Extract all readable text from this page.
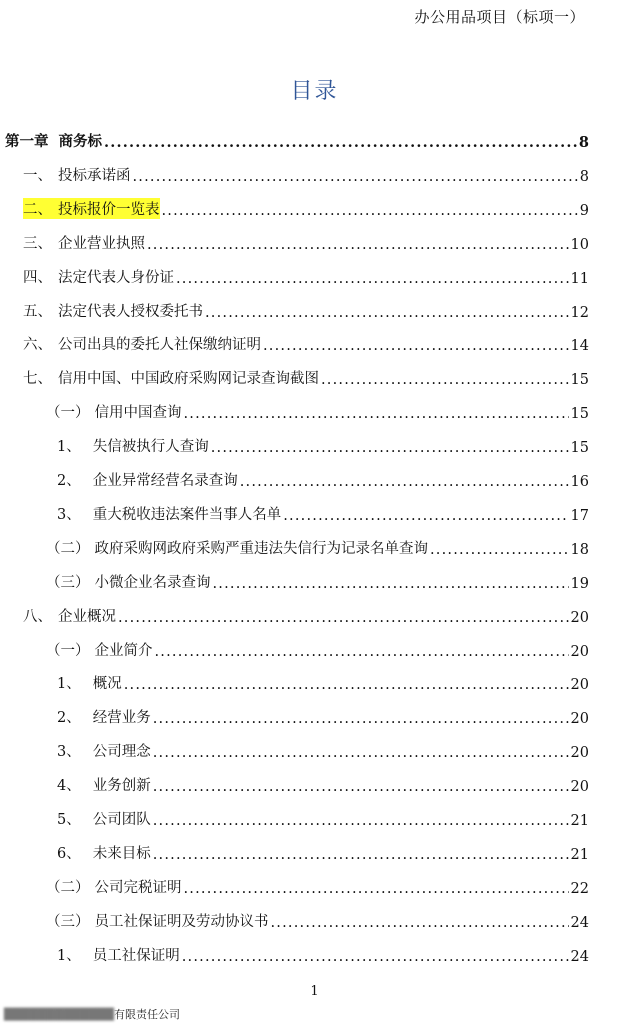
办公用品项目（标项一）
目录
第一章 商务标 .....	8
一、 投标承诺函 .....	8
二、 投标报价一览表 .....	9
三、 企业营业执照 .....	10
四、 法定代表人身份证 .....	11
五、 法定代表人授权委托书 .....	12
六、 公司出具的委托人社保缴纳证明 .....	14
七、 信用中国、中国政府采购网记录查询截图 .....	15
（一） 信用中国查询 .....	15
1、 失信被执行人查询 .....	15
2、 企业异常经营名录查询 .....	16
3、 重大税收违法案件当事人名单 .....	17
（二） 政府采购网政府采购严重违法失信行为记录名单查询 .....	18
（三） 小微企业名录查询 .....	19
八、 企业概况 .....	20
（一） 企业简介 .....	20
1、 概况 .....	20
2、 经营业务 .....	20
3、 公司理念 .....	20
4、 业务创新 .....	20
5、 公司团队 .....	21
6、 未来目标 .....	21
（二） 公司完税证明 .....	22
（三） 员工社保证明及劳动协议书 .....	24
1、 员工社保证明 .....	24
1
█████████████有限责任公司
